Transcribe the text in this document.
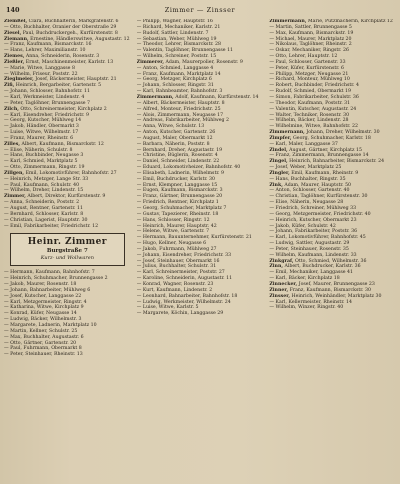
140	Zimmer — Zinsser
Ziemßel, Clara, Buchhalterin, Markgrafenstr. 6
— Otto, Buchhalter, Oranier der Oberstraße 29
Ziesel, Paul, Buchdruckergeh., Kurfürstenstr. 8
Ziemann, Ernestine, Händlerswitwe, Augustastr. 12
— Franz, Kaufmann, Bismarckstr. 16
— Hans, Lehrer, Maximilianstr. 10
Ziemes, Anna, Schneiderin, Rosenstr. 3
Zießler, Ernst, Maschinenmeister, Karlstr. 13
— Marie, Witwe, Langgasse 8
— Wilhelm, Friseur, Poststr. 22
Zieglmeier, Josef, Bäckermeister, Hauptstr. 21
Zifi, Heinrich, Bergarbeiter, Gartenstr. 5
— Johann, Schlosser, Bahnhofstr. 11
— Karl, Werkmeister, Lindenstr. 4
— Peter, Taglöhner, Brunnengasse 7
Zilch, Otto, Schreinermeister, Kirchplatz 2
— Karl, Eisendreher, Friedrichstr. 9
— Georg, Kutscher, Mühlweg 14
— Jakob, Händler, Obermarkt 3
— Luise, Witwe, Wilhelmstr. 17
— Franz, Maurer, Rheinstr. 6
Zilles, Albert, Kaufmann, Bismarckstr. 12
— Elise, Näherin, Schulstr. 8
— Hans, Buchbinder, Neugasse 3
— Karl, Schmied, Marktplatz 5
— Otto, Zimmermann, Ringstr. 19
Zillgen, Emil, Lokomotivführer, Bahnhofstr. 27
— Heinrich, Metzger, Lange Str. 33
— Paul, Kaufmann, Schulstr. 40
— Wilhelm, Dreher, Lindenstr. 15
Zimmer, Albert, Direktor, Kurfürstenstr. 9
— Anna, Schneiderin, Poststr. 2
— August, Rentner, Gartenstr. 11
— Bernhard, Schlosser, Karlstr. 8
— Christian, Lagerist, Hauptstr. 30
— Emil, Fabrikarbeiter, Friedrichstr. 12
Heinr. Zimmer
Burgstraße 7
Kurz- und Wollwaren
— Hermann, Kaufmann, Bahnhofstr. 7
— Heinrich, Schuhmacher, Brunnengasse 2
— Jakob, Maurer, Rosenstr. 18
— Johann, Bahnarbeiter, Mühlweg 6
— Josef, Kutscher, Langgasse 22
— Karl, Metzgermeister, Ringstr. 4
— Katharina, Witwe, Kirchplatz 9
— Konrad, Küfer, Neugasse 14
— Ludwig, Bäcker, Wilhelmstr. 3
— Margarete, Ladnerin, Marktplatz 10
— Martin, Kellner, Schulstr. 25
— Max, Buchhalter, Augustastr. 6
— Otto, Gärtner, Gartenstr. 20
— Paul, Fuhrmann, Obermarkt 8
— Peter, Steinhauer, Rheinstr. 13
— Philipp, Wagner, Hauptstr. 16
— Richard, Mechaniker, Karlstr. 21
— Rudolf, Sattler, Lindenstr. 7
— Sebastian, Weber, Mühlweg 19
— Theodor, Lehrer, Bismarckstr. 28
— Valentin, Taglöhner, Brunnengasse 11
— Wilhelm, Schreiner, Poststr. 15
Zimmerer, Adam, Maurerpolier, Rosenstr. 9
— Anton, Schmied, Langgasse 4
— Franz, Kaufmann, Marktplatz 14
— Georg, Metzger, Kirchplatz 6
— Johann, Schlosser, Ringstr. 31
— Karl, Bahnbeamter, Bahnhofstr. 3
Zimmermann, Adolf, Kaufmann, Kurfürstenstr. 14
— Albert, Bäckermeister, Hauptstr. 8
— Alfred, Monteur, Friedrichstr. 25
— Alois, Zimmermann, Neugasse 17
— Andreas, Fabrikarbeiter, Mühlweg 2
— Anna, Witwe, Schulstr. 13
— Anton, Kutscher, Gartenstr. 26
— August, Maler, Obermarkt 12
— Barbara, Näherin, Poststr. 8
— Bernhard, Dreher, Augustastr. 19
— Christine, Büglerin, Rosenstr. 4
— Daniel, Schneider, Lindenstr. 22
— Eduard, Lokomotivheizer, Bahnhofstr. 40
— Elisabeth, Ladnerin, Wilhelmstr. 9
— Emil, Buchdrucker, Karlstr. 30
— Ernst, Klempner, Langgasse 15
— Eugen, Kaufmann, Bismarckstr. 3
— Franz, Gärtner, Brunnengasse 20
— Friedrich, Rentner, Kirchplatz 1
— Georg, Schuhmacher, Marktplatz 7
— Gustav, Tapezierer, Rheinstr. 18
— Hans, Schlosser, Ringstr. 12
— Heinrich, Maurer, Hauptstr. 42
— Helene, Witwe, Gartenstr. 7
— Hermann, Bauunternehmer, Kurfürstenstr. 21
— Hugo, Kellner, Neugasse 6
— Jakob, Fuhrmann, Mühlweg 27
— Johann, Eisendreher, Friedrichstr. 33
— Josef, Steinhauer, Obermarkt 16
— Julius, Buchhalter, Schulstr. 31
— Karl, Schreinermeister, Poststr. 27
— Karoline, Schneiderin, Augustastr. 11
— Konrad, Wagner, Rosenstr. 23
— Kurt, Kaufmann, Lindenstr. 2
— Leonhard, Bahnarbeiter, Bahnhofstr. 18
— Ludwig, Werkmeister, Wilhelmstr. 24
— Luise, Witwe, Karlstr. 5
— Margarete, Köchin, Langgasse 29
Zimmermann, Marie, Putzmacherin, Kirchplatz 12
— Martin, Sattler, Brunnengasse 5
— Max, Kaufmann, Bismarckstr. 19
— Michael, Maurer, Marktplatz 20
— Nikolaus, Taglöhner, Rheinstr. 2
— Oskar, Mechaniker, Ringstr. 26
— Otto, Lehrer, Hauptstr. 12
— Paul, Schlosser, Gartenstr. 33
— Peter, Küfer, Kurfürstenstr. 6
— Philipp, Metzger, Neugasse 21
— Richard, Monteur, Mühlweg 10
— Robert, Buchbinder, Friedrichstr. 4
— Rudolf, Schmied, Obermarkt 19
— Simon, Fabrikarbeiter, Schulstr. 36
— Theodor, Kaufmann, Poststr. 31
— Valentin, Kutscher, Augustastr. 24
— Walter, Techniker, Rosenstr. 30
— Wilhelm, Bäcker, Lindenstr. 28
— Wilhelmine, Witwe, Bahnhofstr. 22
Zimmernann, Johann, Dreher, Wilhelmstr. 30
Zimpfer, Georg, Schuhmacher, Karlstr. 18
— Karl, Maler, Langgasse 37
Zindel, August, Gärtner, Kirchplatz 15
— Franz, Zimmermann, Brunnengasse 14
Zingel, Heinrich, Bahnarbeiter, Bismarckstr. 24
— Josef, Weber, Marktplatz 25
Zingler, Emil, Kaufmann, Rheinstr. 9
— Hans, Buchhalter, Ringstr. 35
Zink, Adam, Maurer, Hauptstr. 50
— Anton, Schlosser, Gartenstr. 40
— Christian, Taglöhner, Kurfürstenstr. 30
— Elise, Näherin, Neugasse 28
— Friedrich, Schreiner, Mühlweg 33
— Georg, Metzgermeister, Friedrichstr. 40
— Heinrich, Kutscher, Obermarkt 23
— Jakob, Küfer, Schulstr. 42
— Johann, Fabrikarbeiter, Poststr. 36
— Karl, Lokomotivführer, Bahnhofstr. 45
— Ludwig, Sattler, Augustastr. 29
— Peter, Steinhauer, Rosenstr. 35
— Wilhelm, Kaufmann, Lindenstr. 33
Zinkgraf, Otto, Schmied, Wilhelmstr. 36
Zinn, Albert, Buchdrucker, Karlstr. 36
— Emil, Mechaniker, Langgasse 41
— Karl, Bäcker, Kirchplatz 18
Zinnecker, Josef, Maurer, Brunnengasse 23
Zinner, Franz, Kaufmann, Bismarckstr. 30
Zinsser, Heinrich, Weinhändler, Marktplatz 30
— Karl, Kellermeister, Rheinstr. 14
— Wilhelm, Winzer, Ringstr. 40
